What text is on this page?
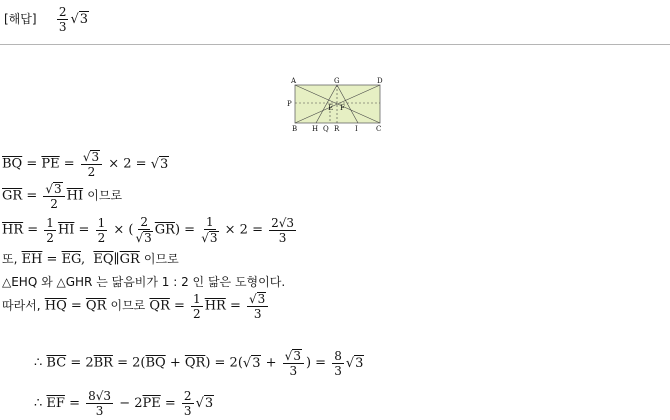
[해답] $\frac{2}{3} √3$
A	G	D
P	E F
B H Q R I	C
$\overline{BQ} = \overline{PE} = \frac{√3}{2} \times 2 = √3$
$\overline{GR} = \frac{√3}{2} \overline{HI}$ 이므로
$\overline{HR} = \frac{1}{2} \overline{HI} = \frac{1}{2}$ × ( $\frac{2}{√3} \overline{GR}) = \frac{1}{√3} \times 2 = \frac{2√3}{3}$
또, $\overline{EH} = \overline{EG}$,  $\overline{EQ}\parallel\overline{GR}$ 이므로
△EHQ 와 △GHR 는 닮음비가 1 : 2 인 닮은 도형이다.
따라서, $\overline{HQ} = \overline{QR}$ 이므로 $\overline{QR} = \frac{1}{2} \overline{HR} = \frac{√3}{3}$
∴ $\overline{BC} = 2\overline{BR} = 2(\overline{BQ} + \overline{QR}) = 2(√3 + \frac{√3}{3}$ ) = $\frac{8}{3} √3$
∴ $\overline{EF} = \frac{8√3}{3} - 2\overline{PE} = \frac{2}{3} √3$
